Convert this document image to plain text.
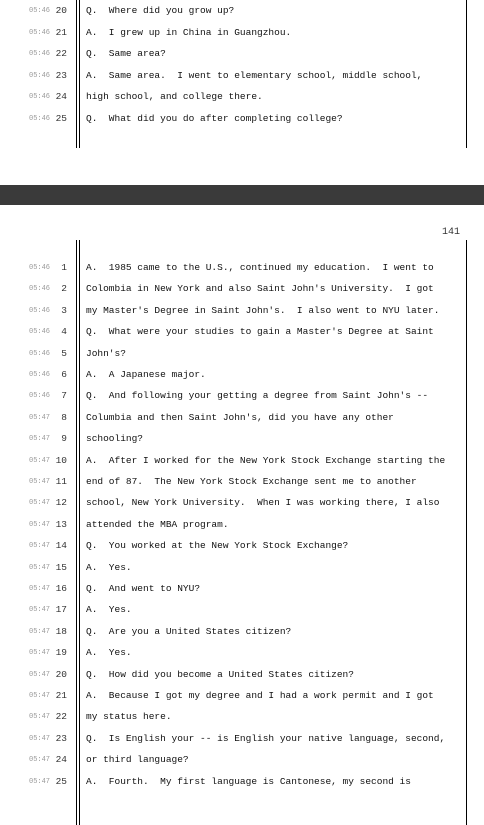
05:46 20 Q.  Where did you grow up?
05:46 21 A.  I grew up in China in Guangzhou.
05:46 22 Q.  Same area?
05:46 23 A.  Same area.  I went to elementary school, middle school,
05:46 24 high school, and college there.
05:46 25 Q.  What did you do after completing college?
141
05:46	1 A.  1985 came to the U.S., continued my education.  I went to
05:46	2 Colombia in New York and also Saint John's University.  I got
05:46	3 my Master's Degree in Saint John's.  I also went to NYU later.
05:46	4 Q.  What were your studies to gain a Master's Degree at Saint
05:46	5 John's?
05:46	6 A.  A Japanese major.
05:46	7 Q.  And following your getting a degree from Saint John's --
05:47	8 Columbia and then Saint John's, did you have any other
05:47	9 schooling?
05:47 10 A.  After I worked for the New York Stock Exchange starting the
05:47 11 end of 87.  The New York Stock Exchange sent me to another
05:47 12 school, New York University.  When I was working there, I also
05:47 13 attended the MBA program.
05:47 14 Q.  You worked at the New York Stock Exchange?
05:47 15 A.  Yes.
05:47 16 Q.  And went to NYU?
05:47 17 A.  Yes.
05:47 18 Q.  Are you a United States citizen?
05:47 19 A.  Yes.
05:47 20 Q.  How did you become a United States citizen?
05:47 21 A.  Because I got my degree and I had a work permit and I got
05:47 22 my status here.
05:47 23 Q.  Is English your -- is English your native language, second,
05:47 24 or third language?
05:47 25 A.  Fourth.  My first language is Cantonese, my second is
